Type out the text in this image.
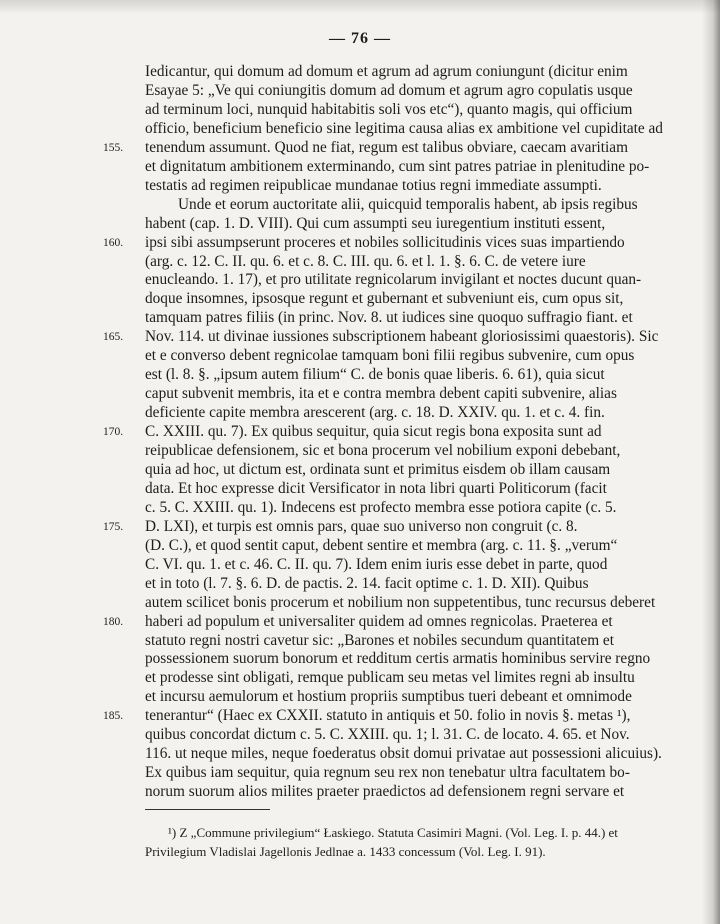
— 76 —
Iedicantur, qui domum ad domum et agrum ad agrum coniungunt (dicitur enim
Esayae 5: „Ve qui coniungitis domum ad domum et agrum agro copulatis usque
ad terminum loci, nunquid habitabitis soli vos etc“), quanto magis, qui officium
officio, beneficium beneficio sine legitima causa alias ex ambitione vel cupiditate ad
155.	tenendum assumunt. Quod ne fiat, regum est talibus obviare, caecam avaritiam
et dignitatum ambitionem exterminando, cum sint patres patriae in plenitudine po-
testatis ad regimen reipublicae mundanae totius regni immediate assumpti.
Unde et eorum auctoritate alii, quicquid temporalis habent, ab ipsis regibus
habent (cap. 1. D. VIII). Qui cum assumpti seu iuregentium instituti essent,
160.	ipsi sibi assumpserunt proceres et nobiles sollicitudinis vices suas impartiendo
(arg. c. 12. C. II. qu. 6. et c. 8. C. III. qu. 6. et l. 1. §. 6. C. de vetere iure
enucleando. 1. 17), et pro utilitate regnicolarum invigilant et noctes ducunt quan-
doque insomnes, ipsosque regunt et gubernant et subveniunt eis, cum opus sit,
tamquam patres filiis (in princ. Nov. 8. ut iudices sine quoquo suffragio fiant. et
165.	Nov. 114. ut divinae iussiones subscriptionem habeant gloriosissimi quaestoris). Sic
et e converso debent regnicolae tamquam boni filii regibus subvenire, cum opus
est (l. 8. §. „ipsum autem filium“ C. de bonis quae liberis. 6. 61), quia sicut
caput subvenit membris, ita et e contra membra debent capiti subvenire, alias
deficiente capite membra arescerent (arg. c. 18. D. XXIV. qu. 1. et c. 4. fin.
170.	C. XXIII. qu. 7). Ex quibus sequitur, quia sicut regis bona exposita sunt ad
reipublicae defensionem, sic et bona procerum vel nobilium exponi debebant,
quia ad hoc, ut dictum est, ordinata sunt et primitus eisdem ob illam causam
data. Et hoc expresse dicit Versificator in nota libri quarti Politicorum (facit
c. 5. C. XXIII. qu. 1). Indecens est profecto membra esse potiora capite (c. 5.
175.	D. LXI), et turpis est omnis pars, quae suo universo non congruit (c. 8.
(D. C.), et quod sentit caput, debent sentire et membra (arg. c. 11. §. „verum“
C. VI. qu. 1. et c. 46. C. II. qu. 7). Idem enim iuris esse debet in parte, quod
et in toto (l. 7. §. 6. D. de pactis. 2. 14. facit optime c. 1. D. XII). Quibus
autem scilicet bonis procerum et nobilium non suppetentibus, tunc recursus deberet
180.	haberi ad populum et universaliter quidem ad omnes regnicolas. Praeterea et
statuto regni nostri cavetur sic: „Barones et nobiles secundum quantitatem et
possessionem suorum bonorum et redditum certis armatis hominibus servire regno
et prodesse sint obligati, remque publicam seu metas vel limites regni ab insultu
et incursu aemulorum et hostium propriis sumptibus tueri debeant et omnimode
185.	tenerantur“ (Haec ex CXXII. statuto in antiquis et 50. folio in novis §. metas ¹),
quibus concordat dictum c. 5. C. XXIII. qu. 1; l. 31. C. de locato. 4. 65. et Nov.
116. ut neque miles, neque foederatus obsit domui privatae aut possessioni alicuius).
Ex quibus iam sequitur, quia regnum seu rex non tenebatur ultra facultatem bo-
norum suorum alios milites praeter praedictos ad defensionem regni servare et
¹) Z „Commune privilegium“ Łaskiego. Statuta Casimiri Magni. (Vol. Leg. I. p. 44.) et
Privilegium Vladislai Jagellonis Jedlnae a. 1433 concessum (Vol. Leg. I. 91).
